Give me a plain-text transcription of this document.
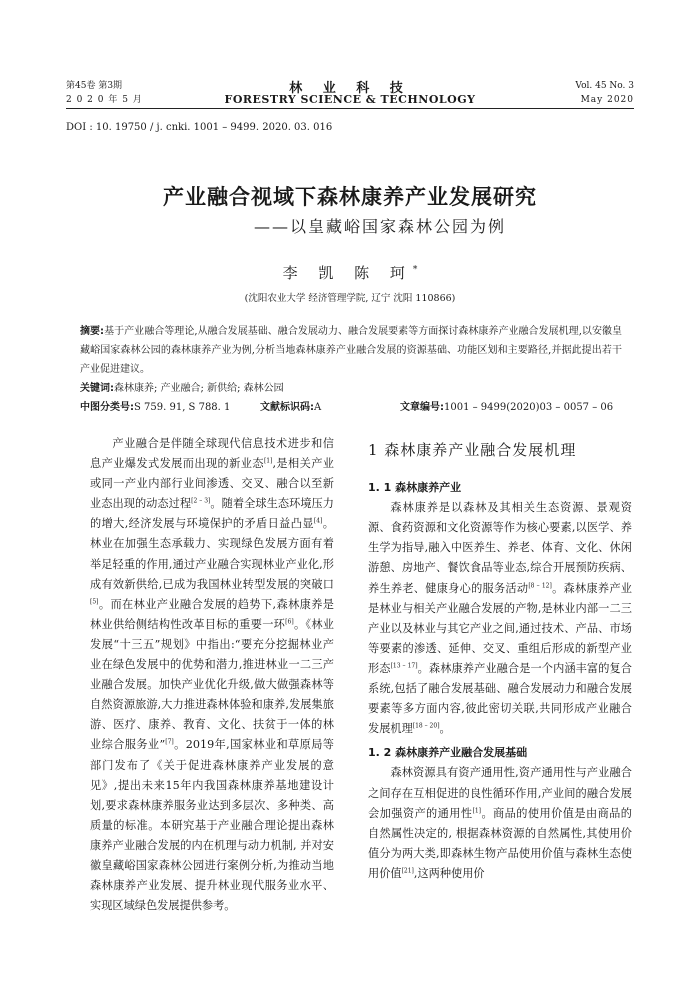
第45卷 第3期
2 0 2 0 年 5 月
林 业 科 技
FORESTRY SCIENCE & TECHNOLOGY
Vol. 45 No. 3
May 2020
DOI : 10. 19750 / j. cnki. 1001 – 9499. 2020. 03. 016
产业融合视域下森林康养产业发展研究
——以皇藏峪国家森林公园为例
李 凯 陈 珂*
(沈阳农业大学 经济管理学院, 辽宁 沈阳 110866)
摘要:基于产业融合等理论,从融合发展基础、融合发展动力、融合发展要素等方面探讨森林康养产业融合发展机理,以安徽皇藏峪国家森林公园的森林康养产业为例,分析当地森林康养产业融合发展的资源基础、功能区划和主要路径,并据此提出若干产业促进建议。
关键词:森林康养; 产业融合; 新供给; 森林公园
中图分类号:S 759. 91, S 788. 1	文献标识码:A	文章编号:1001 – 9499(2020)03 – 0057 – 06

产业融合是伴随全球现代信息技术进步和信息产业爆发式发展而出现的新业态[1],是相关产业或同一产业内部行业间渗透、交叉、融合以至新业态出现的动态过程[2 – 3]。随着全球生态环境压力的增大,经济发展与环境保护的矛盾日益凸显[4]。林业在加强生态承载力、实现绿色发展方面有着举足轻重的作用,通过产业融合实现林业产业化,形成有效新供给,已成为我国林业转型发展的突破口[5]。而在林业产业融合发展的趋势下,森林康养是林业供给侧结构性改革目标的重要一环[6]。《林业发展“十三五”规划》中指出:“要充分挖掘林业产业在绿色发展中的优势和潜力,推进林业一二三产业融合发展。加快产业优化升级,做大做强森林等自然资源旅游,大力推进森林体验和康养,发展集旅游、医疗、康养、教育、文化、扶贫于一体的林业综合服务业”[7]。2019年,国家林业和草原局等部门发布了《关于促进森林康养产业发展的意见》,提出未来15年内我国森林康养基地建设计划,要求森林康养服务业达到多层次、多种类、高质量的标准。本研究基于产业融合理论提出森林康养产业融合发展的内在机理与动力机制, 并对安徽皇藏峪国家森林公园进行案例分析,为推动当地森林康养产业发展、提升林业现代服务业水平、实现区域绿色发展提供参考。

1 森林康养产业融合发展机理

1. 1 森林康养产业

森林康养是以森林及其相关生态资源、景观资源、食药资源和文化资源等作为核心要素,以医学、养生学为指导,融入中医养生、养老、体育、文化、休闲游憩、房地产、餐饮食品等业态,综合开展预防疾病、养生养老、健康身心的服务活动[8 – 12]。森林康养产业是林业与相关产业融合发展的产物,是林业内部一二三产业以及林业与其它产业之间,通过技术、产品、市场等要素的渗透、延伸、交叉、重组后形成的新型产业形态[13 – 17]。森林康养产业融合是一个内涵丰富的复合系统,包括了融合发展基础、融合发展动力和融合发展要素等多方面内容,彼此密切关联,共同形成产业融合发展机理[18 – 20]。

1. 2 森林康养产业融合发展基础

森林资源具有资产通用性,资产通用性与产业融合之间存在互相促进的良性循环作用,产业间的融合发展会加强资产的通用性[1]。商品的使用价值是由商品的自然属性决定的, 根据森林资源的自然属性,其使用价值分为两大类,即森林生物产品使用价值与森林生态使用价值[21],这两种使用价
